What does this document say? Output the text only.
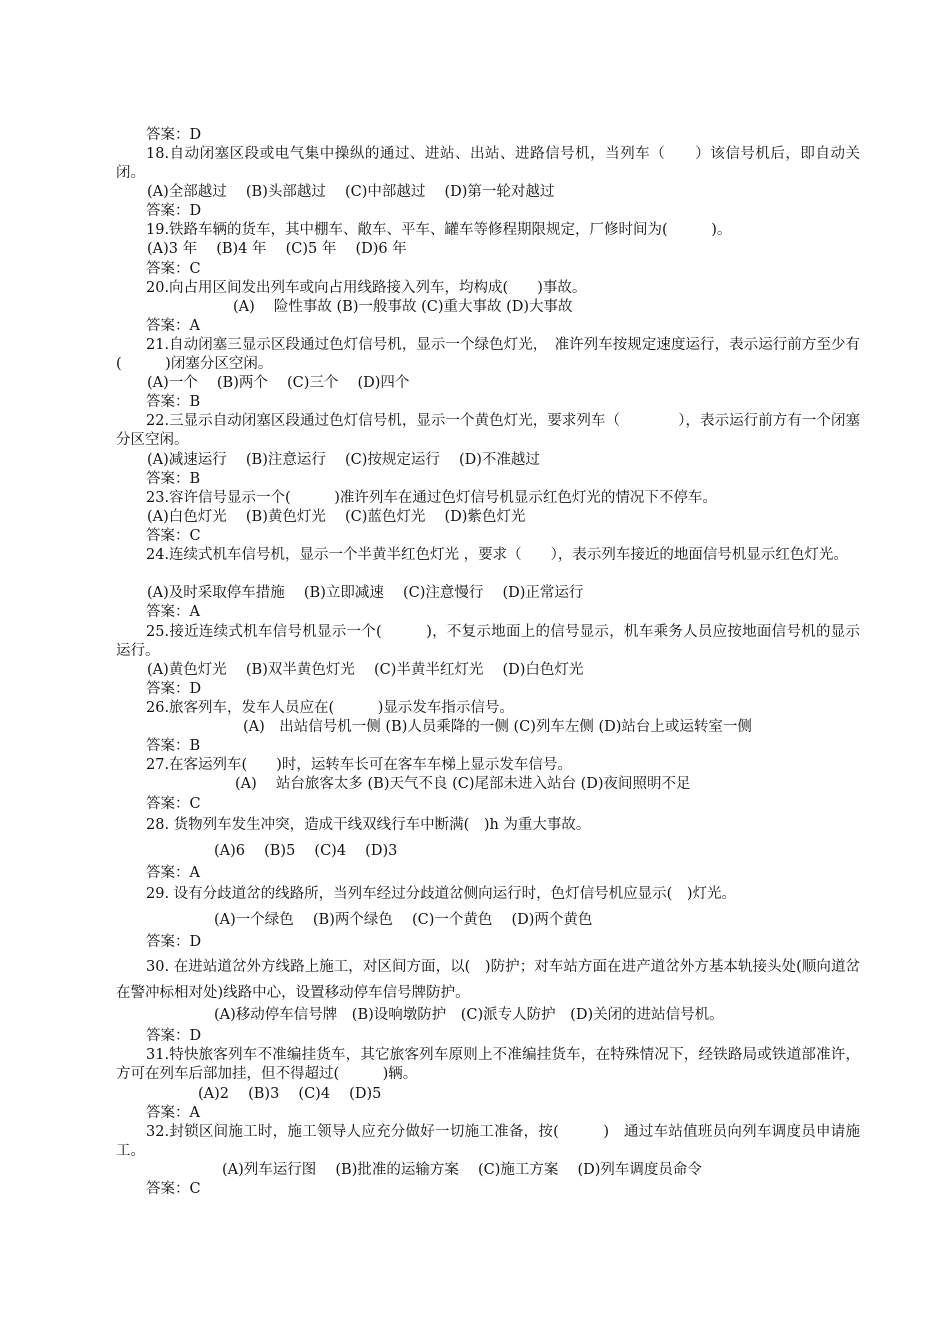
答案：D
18.自动闭塞区段或电气集中操纵的通过、进站、出站、进路信号机，当列车（　　）该信号机后，即自动关闭。
(A)全部越过　 (B)头部越过　 (C)中部越过　 (D)第一轮对越过
答案：D
19.铁路车辆的货车，其中棚车、敞车、平车、罐车等修程期限规定，厂修时间为(　　　)。
(A)3 年　 (B)4 年　 (C)5 年　 (D)6 年
答案：C
20.向占用区间发出列车或向占用线路接入列车，均构成(　　)事故。
(A)　 险性事故 (B)一般事故 (C)重大事故 (D)大事故
答案：A
21.自动闭塞三显示区段通过色灯信号机，显示一个绿色灯光，　准许列车按规定速度运行，表示运行前方至少有(　　　)闭塞分区空闲。
(A)一个　 (B)两个　 (C)三个　 (D)四个
答案：B
22.三显示自动闭塞区段通过色灯信号机，显示一个黄色灯光，要求列车（　　　　），表示运行前方有一个闭塞分区空闲。
(A)减速运行　 (B)注意运行　 (C)按规定运行　 (D)不准越过
答案：B
23.容许信号显示一个(　　　)准许列车在通过色灯信号机显示红色灯光的情况下不停车。
(A)白色灯光　 (B)黄色灯光　 (C)蓝色灯光　 (D)紫色灯光
答案：C
24.连续式机车信号机，显示一个半黄半红色灯光 ，要求（　　），表示列车接近的地面信号机显示红色灯光。
(A)及时采取停车措施　 (B)立即减速　 (C)注意慢行　 (D)正常运行
答案：A
25.接近连续式机车信号机显示一个(　　　)，不复示地面上的信号显示，机车乘务人员应按地面信号机的显示运行。
(A)黄色灯光　 (B)双半黄色灯光　 (C)半黄半红灯光　 (D)白色灯光
答案：D
26.旅客列车，发车人员应在(　　　)显示发车指示信号。
(A)　出站信号机一侧 (B)人员乘降的一侧 (C)列车左侧 (D)站台上或运转室一侧
答案：B
27.在客运列车(　　)时，运转车长可在客车车梯上显示发车信号。
(A)　 站台旅客太多 (B)天气不良 (C)尾部未进入站台 (D)夜间照明不足
答案：C
28. 货物列车发生冲突，造成干线双线行车中断满(　)h 为重大事故。
(A)6　 (B)5　 (C)4　 (D)3
答案：A
29. 设有分歧道岔的线路所，当列车经过分歧道岔侧向运行时，色灯信号机应显示(　)灯光。
(A)一个绿色　 (B)两个绿色　 (C)一个黄色　 (D)两个黄色
答案：D
30. 在进站道岔外方线路上施工，对区间方面，以(　)防护；对车站方面在进产道岔外方基本轨接头处(顺向道岔在警冲标相对处)线路中心，设置移动停车信号牌防护。
(A)移动停车信号牌　(B)设响墩防护　(C)派专人防护　(D)关闭的进站信号机。
答案：D
31.特快旅客列车不准编挂货车，其它旅客列车原则上不准编挂货车，在特殊情况下，经铁路局或铁道部准许，方可在列车后部加挂，但不得超过(　　　)辆。
(A)2　 (B)3　 (C)4　 (D)5
答案：A
32.封锁区间施工时，施工领导人应充分做好一切施工准备，按(　　　)　通过车站值班员向列车调度员申请施工。
(A)列车运行图　 (B)批准的运输方案　 (C)施工方案　 (D)列车调度员命令
答案：C
